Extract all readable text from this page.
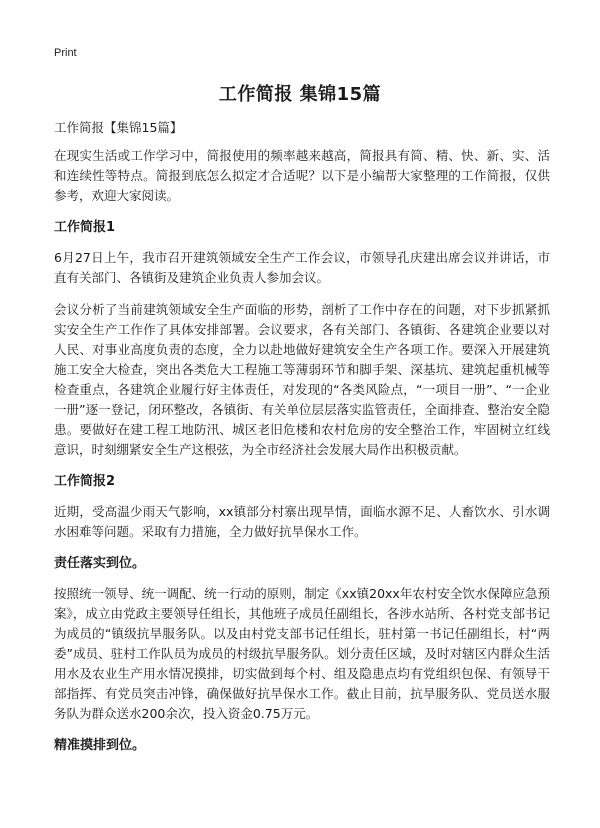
Print
工作简报 集锦15篇

工作简报【集锦15篇】

在现实生活或工作学习中，简报使用的频率越来越高，简报具有简、精、快、新、实、活和连续性等特点。简报到底怎么拟定才合适呢？以下是小编帮大家整理的工作简报，仅供参考，欢迎大家阅读。

工作简报1

6月27日上午，我市召开建筑领域安全生产工作会议，市领导孔庆建出席会议并讲话，市直有关部门、各镇街及建筑企业负责人参加会议。

会议分析了当前建筑领域安全生产面临的形势，剖析了工作中存在的问题，对下步抓紧抓实安全生产工作作了具体安排部署。会议要求，各有关部门、各镇街、各建筑企业要以对人民、对事业高度负责的态度，全力以赴地做好建筑安全生产各项工作。要深入开展建筑施工安全大检查，突出各类危大工程施工等薄弱环节和脚手架、深基坑、建筑起重机械等检查重点，各建筑企业履行好主体责任，对发现的“各类风险点，“一项目一册”、“一企业一册”逐一登记，闭环整改，各镇街、有关单位层层落实监管责任，全面排查、整治安全隐患。要做好在建工程工地防汛、城区老旧危楼和农村危房的安全整治工作，牢固树立红线意识，时刻绷紧安全生产这根弦，为全市经济社会发展大局作出积极贡献。

工作简报2

近期，受高温少雨天气影响，xx镇部分村寨出现旱情，面临水源不足、人畜饮水、引水调水困难等问题。采取有力措施，全力做好抗旱保水工作。

责任落实到位。

按照统一领导、统一调配、统一行动的原则，制定《xx镇20xx年农村安全饮水保障应急预案》，成立由党政主要领导任组长，其他班子成员任副组长，各涉水站所、各村党支部书记为成员的“镇级抗旱服务队。以及由村党支部书记任组长，驻村第一书记任副组长，村“两委”成员、驻村工作队员为成员的村级抗旱服务队。划分责任区域，及时对辖区内群众生活用水及农业生产用水情况摸排，切实做到每个村、组及隐患点均有党组织包保、有领导干部指挥、有党员突击冲锋，确保做好抗旱保水工作。截止目前，抗旱服务队、党员送水服务队为群众送水200余次，投入资金0.75万元。

精准摸排到位。
